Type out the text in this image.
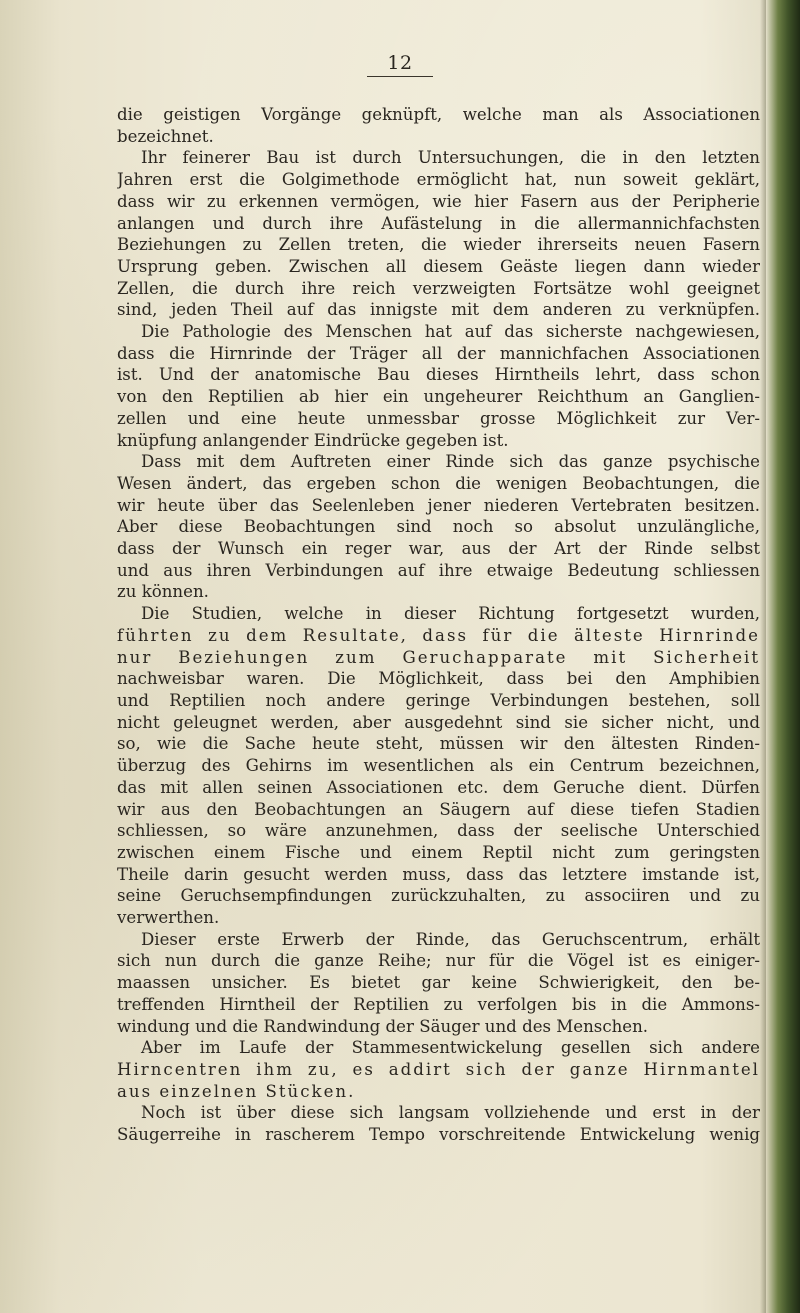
12
die geistigen Vorgänge geknüpft, welche man als Associationen
bezeichnet.
Ihr feinerer Bau ist durch Untersuchungen, die in den letzten
Jahren erst die Golgimethode ermöglicht hat, nun soweit geklärt,
dass wir zu erkennen vermögen, wie hier Fasern aus der Peripherie
anlangen und durch ihre Aufästelung in die allermannichfachsten
Beziehungen zu Zellen treten, die wieder ihrerseits neuen Fasern
Ursprung geben. Zwischen all diesem Geäste liegen dann wieder
Zellen, die durch ihre reich verzweigten Fortsätze wohl geeignet
sind, jeden Theil auf das innigste mit dem anderen zu verknüpfen.
Die Pathologie des Menschen hat auf das sicherste nachgewiesen,
dass die Hirnrinde der Träger all der mannichfachen Associationen
ist. Und der anatomische Bau dieses Hirntheils lehrt, dass schon
von den Reptilien ab hier ein ungeheurer Reichthum an Ganglien-
zellen und eine heute unmessbar grosse Möglichkeit zur Ver-
knüpfung anlangender Eindrücke gegeben ist.
Dass mit dem Auftreten einer Rinde sich das ganze psychische
Wesen ändert, das ergeben schon die wenigen Beobachtungen, die
wir heute über das Seelenleben jener niederen Vertebraten besitzen.
Aber diese Beobachtungen sind noch so absolut unzulängliche,
dass der Wunsch ein reger war, aus der Art der Rinde selbst
und aus ihren Verbindungen auf ihre etwaige Bedeutung schliessen
zu können.
Die Studien, welche in dieser Richtung fortgesetzt wurden,
führten zu dem Resultate, dass für die älteste Hirnrinde
nur Beziehungen zum Geruchapparate mit Sicherheit
nachweisbar waren. Die Möglichkeit, dass bei den Amphibien
und Reptilien noch andere geringe Verbindungen bestehen, soll
nicht geleugnet werden, aber ausgedehnt sind sie sicher nicht, und
so, wie die Sache heute steht, müssen wir den ältesten Rinden-
überzug des Gehirns im wesentlichen als ein Centrum bezeichnen,
das mit allen seinen Associationen etc. dem Geruche dient. Dürfen
wir aus den Beobachtungen an Säugern auf diese tiefen Stadien
schliessen, so wäre anzunehmen, dass der seelische Unterschied
zwischen einem Fische und einem Reptil nicht zum geringsten
Theile darin gesucht werden muss, dass das letztere imstande ist,
seine Geruchsempfindungen zurückzuhalten, zu associiren und zu
verwerthen.
Dieser erste Erwerb der Rinde, das Geruchscentrum, erhält
sich nun durch die ganze Reihe; nur für die Vögel ist es einiger-
maassen unsicher. Es bietet gar keine Schwierigkeit, den be-
treffenden Hirntheil der Reptilien zu verfolgen bis in die Ammons-
windung und die Randwindung der Säuger und des Menschen.
Aber im Laufe der Stammesentwickelung gesellen sich andere
Hirncentren ihm zu, es addirt sich der ganze Hirnmantel
aus einzelnen Stücken.
Noch ist über diese sich langsam vollziehende und erst in der
Säugerreihe in rascherem Tempo vorschreitende Entwickelung wenig
